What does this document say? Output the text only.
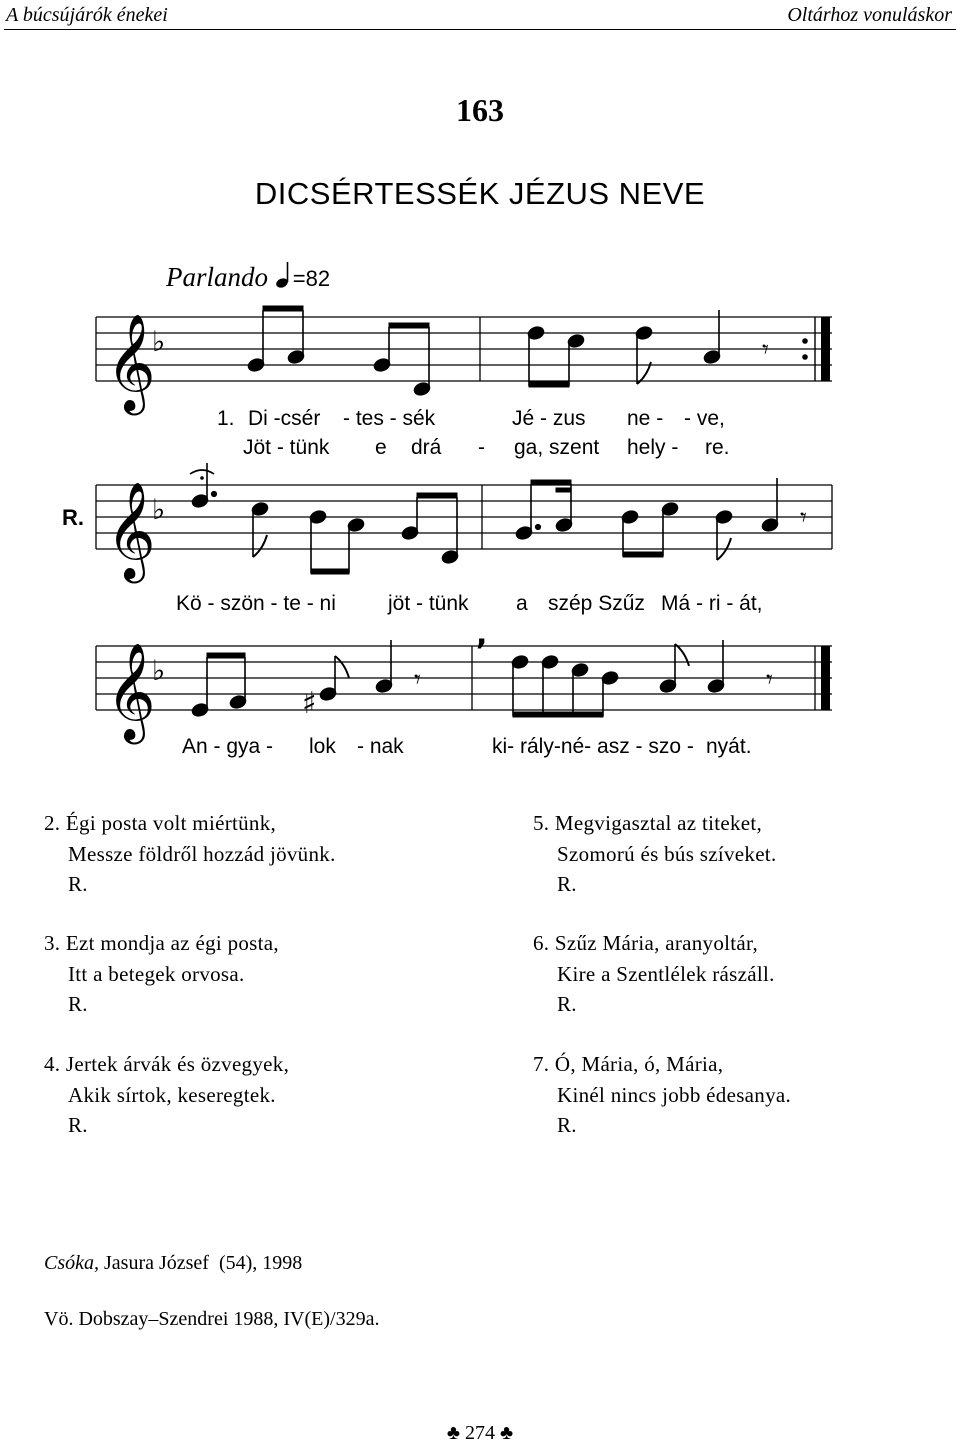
A búcsújárók énekei	Oltárhoz vonuláskor
163
DICSÉRTESSÉK JÉZUS NEVE
Parlando =82
𝄞
♭	𝄾
1. Di -csér - tes - sék	Jé - zus ne - - ve,
Jöt - tünk e drá - ga, szent hely - re.
R. 𝄞
♭	𝄾
Kö - szön - te - ni jöt - tünk a szép Szűz Má - ri - át,
𝄞
♭
,
♯
𝄾	𝄾
An - gya - lok - nak	ki- rály-né- asz - szo - nyát.
2. Égi posta volt miértünk,
Messze földről hozzád jövünk.
R.
3. Ezt mondja az égi posta,
Itt a betegek orvosa.
R.
4. Jertek árvák és özvegyek,
Akik sírtok, keseregtek.
R.
5. Megvigasztal az titeket,
Szomorú és bús szíveket.
R.
6. Szűz Mária, aranyoltár,
Kire a Szentlélek rászáll.
R.
7. Ó, Mária, ó, Mária,
Kinél nincs jobb édesanya.
R.
Csóka, Jasura József  (54), 1998
Vö. Dobszay–Szendrei 1988, IV(E)/329a.
♣ 274 ♣
